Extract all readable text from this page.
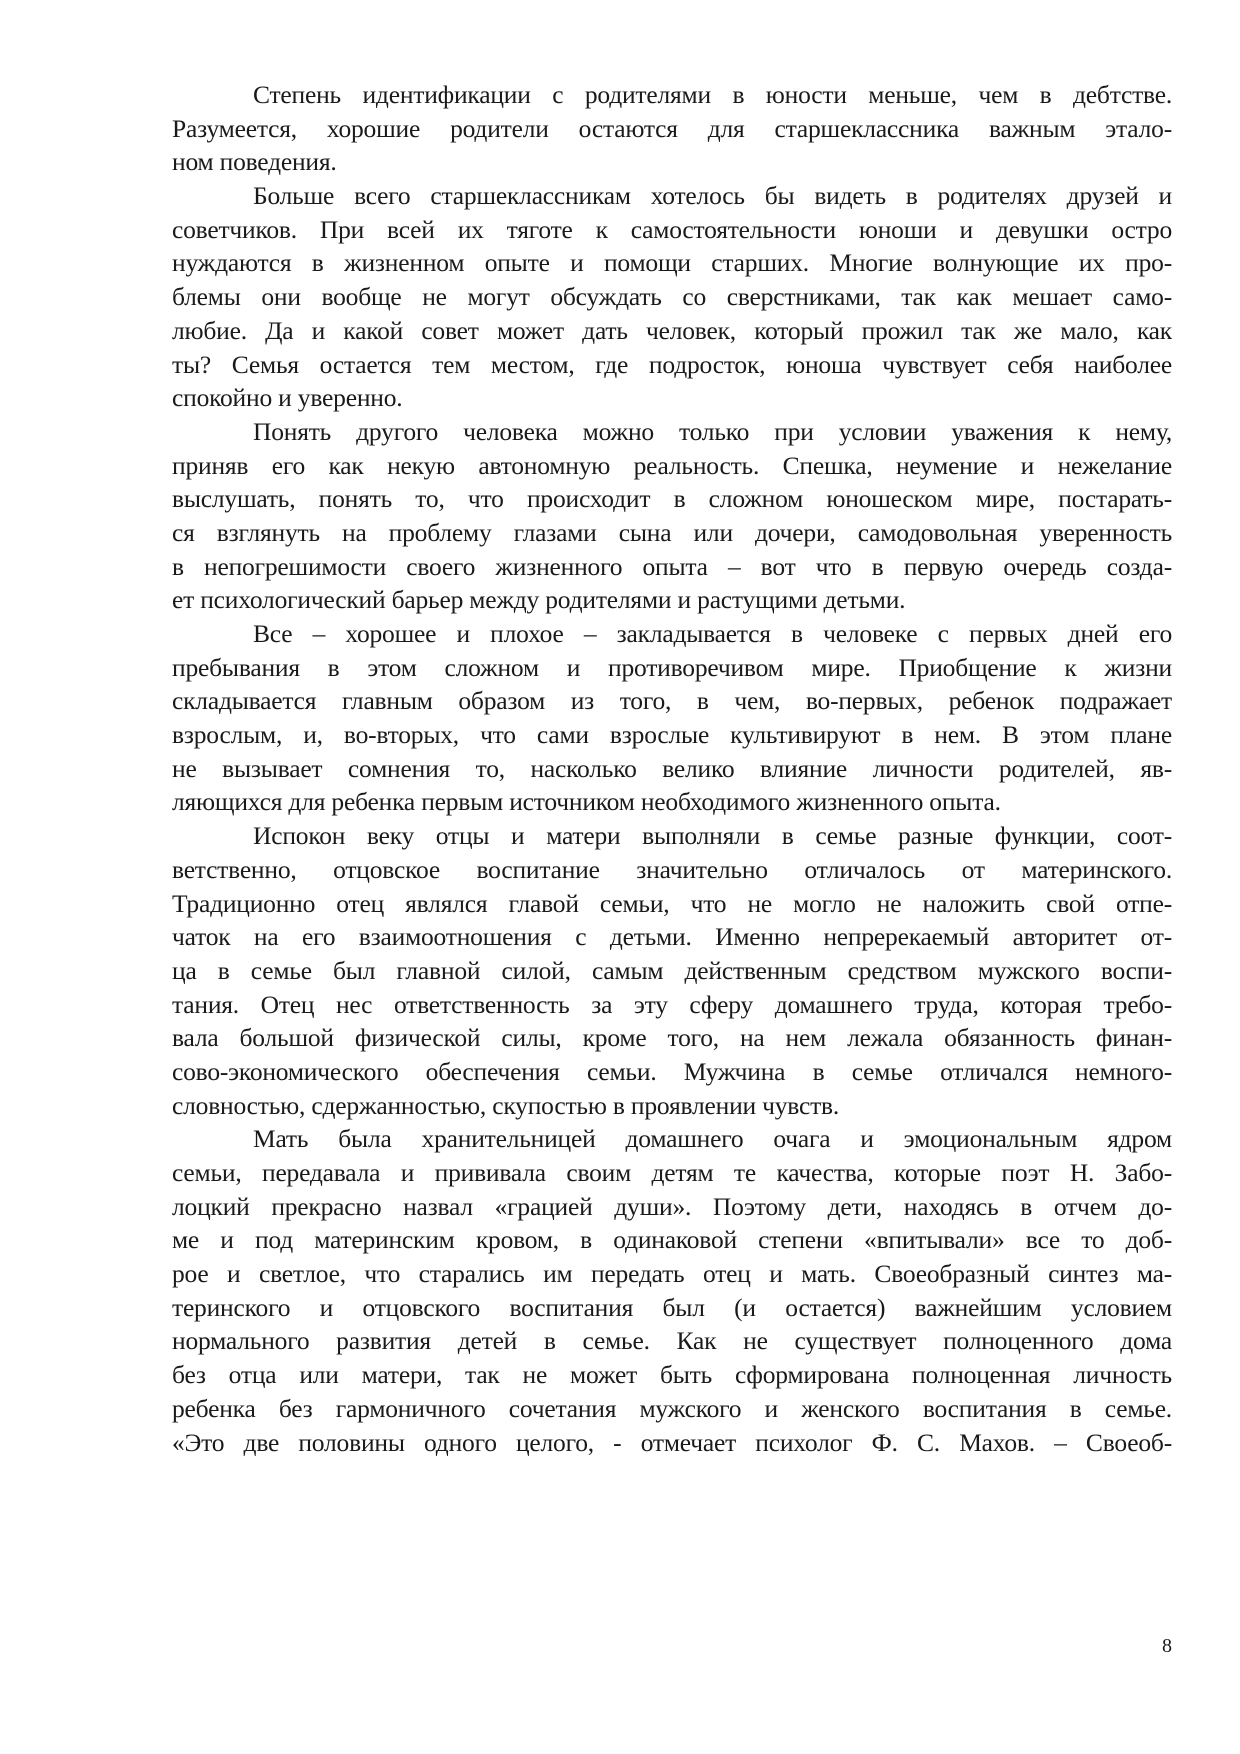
Степень идентификации с родителями в юности меньше, чем в дебтстве.
Разумеется, хорошие родители остаются для старшеклассника важным этало-
ном поведения.

Больше всего старшеклассникам хотелось бы видеть в родителях друзей и
советчиков. При всей их тяготе к самостоятельности юноши и девушки остро
нуждаются в жизненном опыте и помощи старших. Многие волнующие их про-
блемы они вообще не могут обсуждать со сверстниками, так как мешает само-
любие. Да и какой совет может дать человек, который прожил так же мало, как
ты? Семья остается тем местом, где подросток, юноша чувствует себя наиболее
спокойно и уверенно.

Понять другого человека можно только при условии уважения к нему,
приняв его как некую автономную реальность. Спешка, неумение и нежелание
выслушать, понять то, что происходит в сложном юношеском мире, постарать-
ся взглянуть на проблему глазами сына или дочери, самодовольная уверенность
в непогрешимости своего жизненного опыта – вот что в первую очередь созда-
ет психологический барьер между родителями и растущими детьми.

Все – хорошее и плохое – закладывается в человеке с первых дней его
пребывания в этом сложном и противоречивом мире. Приобщение к жизни
складывается главным образом из того, в чем, во-первых, ребенок подражает
взрослым, и, во-вторых, что сами взрослые культивируют в нем. В этом плане
не вызывает сомнения то, насколько велико влияние личности родителей, яв-
ляющихся для ребенка первым источником необходимого жизненного опыта.

Испокон веку отцы и матери выполняли в семье разные функции, соот-
ветственно, отцовское воспитание значительно отличалось от материнского.
Традиционно отец являлся главой семьи, что не могло не наложить свой отпе-
чаток на его взаимоотношения с детьми. Именно непререкаемый авторитет от-
ца в семье был главной силой, самым действенным средством мужского воспи-
тания. Отец нес ответственность за эту сферу домашнего труда, которая требо-
вала большой физической силы, кроме того, на нем лежала обязанность финан-
сово-экономического обеспечения семьи. Мужчина в семье отличался немного-
словностью, сдержанностью, скупостью в проявлении чувств.

Мать была хранительницей домашнего очага и эмоциональным ядром
семьи, передавала и прививала своим детям те качества, которые поэт Н. Забо-
лоцкий прекрасно назвал «грацией души». Поэтому дети, находясь в отчем до-
ме и под материнским кровом, в одинаковой степени «впитывали» все то доб-
рое и светлое, что старались им передать отец и мать. Своеобразный синтез ма-
теринского и отцовского воспитания был (и остается) важнейшим условием
нормального развития детей в семье. Как не существует полноценного дома
без отца или матери, так не может быть сформирована полноценная личность
ребенка без гармоничного сочетания мужского и женского воспитания в семье.
«Это две половины одного целого, - отмечает психолог Ф. С. Махов. – Своеоб-

8
